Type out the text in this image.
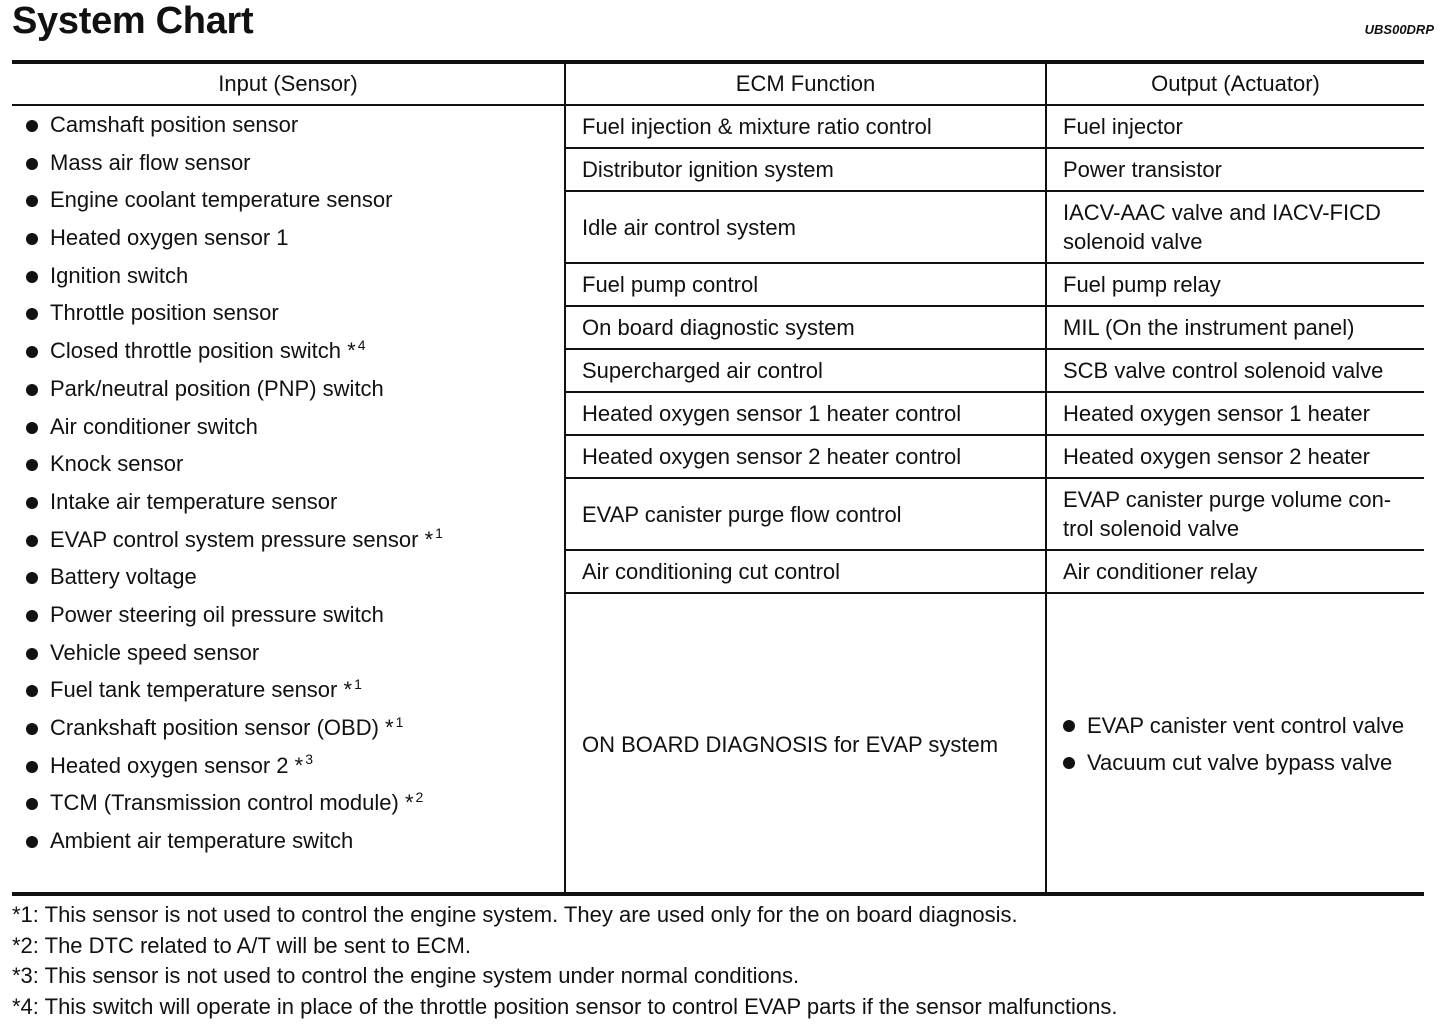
System Chart	UBS00DRP
Input (Sensor)
Camshaft position sensor
Mass air flow sensor
Engine coolant temperature sensor
Heated oxygen sensor 1
Ignition switch
Throttle position sensor
Closed throttle position switch * $^4$
Park/neutral position (PNP) switch
Air conditioner switch
Knock sensor
Intake air temperature sensor
EVAP control system pressure sensor * $^1$
Battery voltage
Power steering oil pressure switch
Vehicle speed sensor
Fuel tank temperature sensor * $^1$
Crankshaft position sensor (OBD) * $^1$
Heated oxygen sensor 2 * $^3$
TCM (Transmission control module) * $^2$
Ambient air temperature switch
ECM Function
Fuel injection & mixture ratio control
Distributor ignition system
Idle air control system
Fuel pump control
On board diagnostic system
Supercharged air control
Heated oxygen sensor 1 heater control
Heated oxygen sensor 2 heater control
EVAP canister purge flow control
Air conditioning cut control
ON BOARD DIAGNOSIS for EVAP system
Output (Actuator)
Fuel injector
Power transistor
IACV-AAC valve and IACV-FICD solenoid valve
Fuel pump relay
MIL (On the instrument panel)
SCB valve control solenoid valve
Heated oxygen sensor 1 heater
Heated oxygen sensor 2 heater
EVAP canister purge volume con-trol solenoid valve
Air conditioner relay
EVAP canister vent control valve
Vacuum cut valve bypass valve
*1: This sensor is not used to control the engine system. They are used only for the on board diagnosis.
*2: The DTC related to A/T will be sent to ECM.
*3: This sensor is not used to control the engine system under normal conditions.
*4: This switch will operate in place of the throttle position sensor to control EVAP parts if the sensor malfunctions.
